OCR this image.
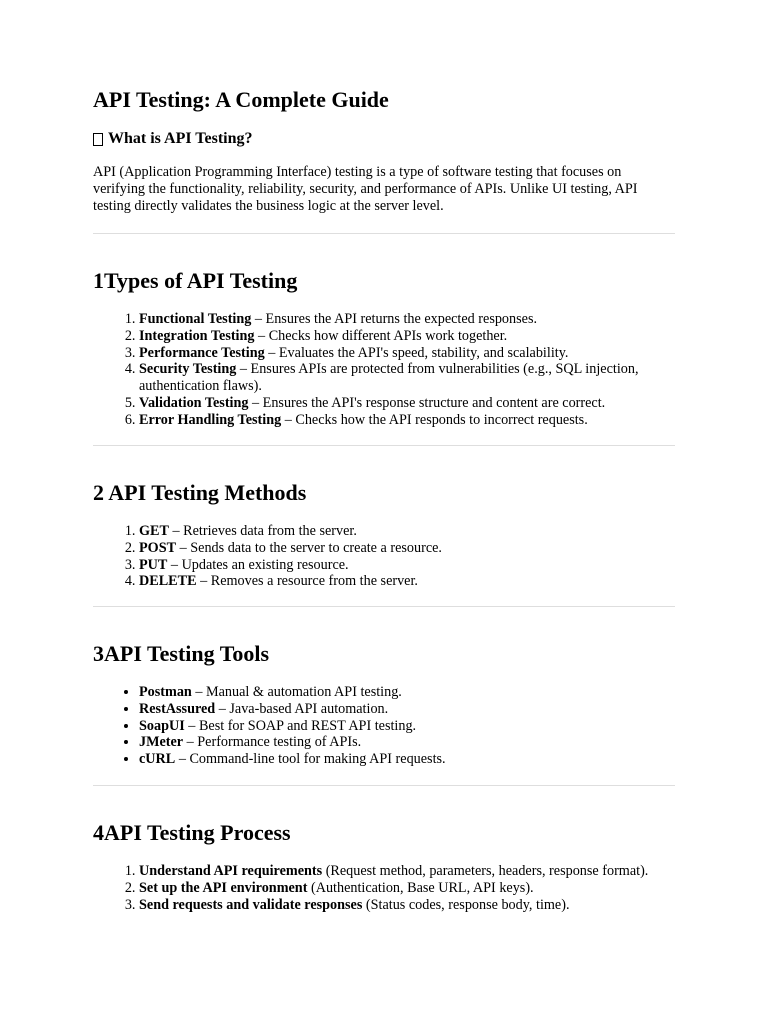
API Testing: A Complete Guide
What is API Testing?

API (Application Programming Interface) testing is a type of software testing that focuses on verifying the functionality, reliability, security, and performance of APIs. Unlike UI testing, API testing directly validates the business logic at the server level.

1Types of API Testing
1. Functional Testing – Ensures the API returns the expected responses.
2. Integration Testing – Checks how different APIs work together.
3. Performance Testing – Evaluates the API's speed, stability, and scalability.
4. Security Testing – Ensures APIs are protected from vulnerabilities (e.g., SQL injection, authentication flaws).
5. Validation Testing – Ensures the API's response structure and content are correct.
6. Error Handling Testing – Checks how the API responds to incorrect requests.
2 API Testing Methods
1. GET – Retrieves data from the server.
2. POST – Sends data to the server to create a resource.
3. PUT – Updates an existing resource.
4. DELETE – Removes a resource from the server.
3API Testing Tools
• Postman – Manual & automation API testing.
• RestAssured – Java-based API automation.
• SoapUI – Best for SOAP and REST API testing.
• JMeter – Performance testing of APIs.
• cURL – Command-line tool for making API requests.
4API Testing Process
1. Understand API requirements (Request method, parameters, headers, response format).
2. Set up the API environment (Authentication, Base URL, API keys).
3. Send requests and validate responses (Status codes, response body, time).
